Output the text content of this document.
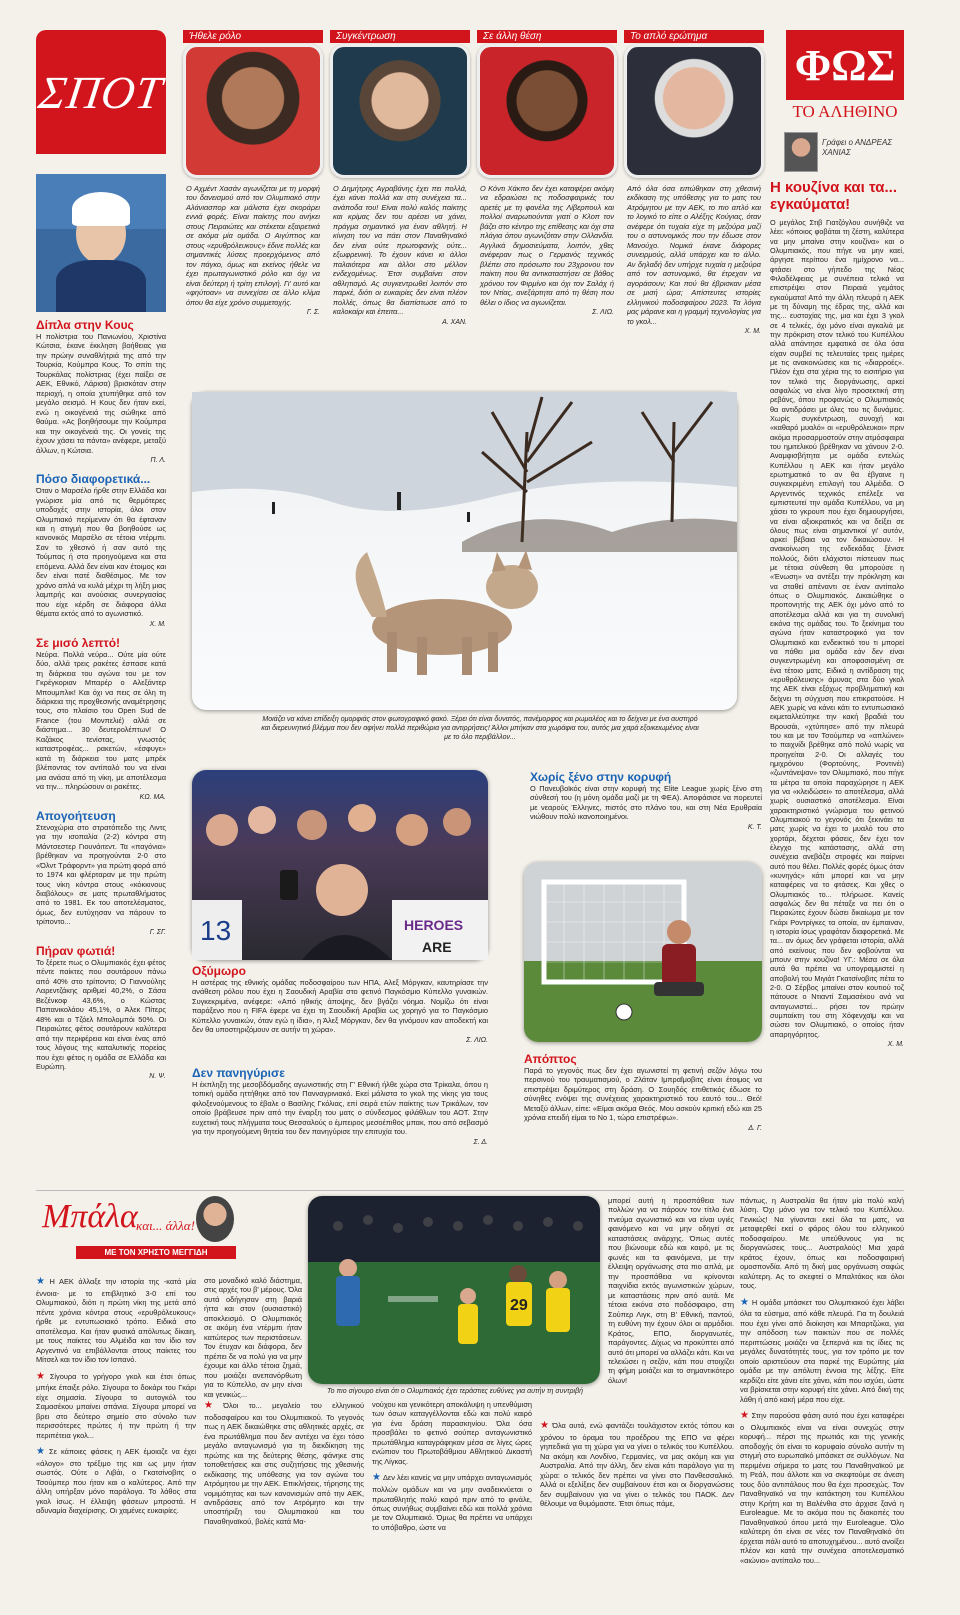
ΣΠΟΤ
Ήθελε ρόλο	Συγκέντρωση	Σε άλλη θέση	Το απλό ερώτημα
ΦΩΣ
ΤΟ ΑΛΗΘΙΝΟ
Γράφει ο ΑΝΔΡΕΑΣ ΧΑΝΙΑΣ
Ο Αχμέντ Χασάν αγωνίζεται με τη μορφή του δανεισμού από τον Ολυμπιακό στην Αλάνιασπορ και μάλιστα έχει σκοράρει εννιά φορές. Είναι παίκτης που ανήκει στους Πειραιώτες και στέκεται εξαιρετικά σε ακόμα μία ομάδα. Ο Αιγύπτιος και στους «ερυθρόλευκους» έδινε πολλές και σημαντικές λύσεις προερχόμενος από τον πάγκο, όμως και εκείνος ήθελε να έχει πρωταγωνιστικό ρόλο και όχι να είναι δεύτερη ή τρίτη επιλογή. Γι' αυτό και «φηύτοαν» να συνεχίσει σε άλλο κλίμα όπου θα είχε χρόνο συμμετοχής.
Γ. Σ.
Ο Δημήτρης Αγραβάνης έχει πει πολλά, έχει κάνει πολλά και στη συνέχεια τα... ανάποδα του! Είναι πολύ καλός παίκτης και κρίμας δεν του αρέσει να χάνει, πράγμα σημαντικό για έναν αθλητή. Η κίνηση του να πάει στον Παναθηναϊκό δεν είναι ούτε πρωτοφανής ούτε... εξωφρενική. Το έχουν κάνει κι άλλοι παλαιότερα και άλλοι στο μέλλον ενδεχομένως. Έτσι συμβαίνει στον αθλητισμό. Ας συγκεντρωθεί λοιπόν στο παρκέ, διότι οι ευκαιρίες δεν είναι πλέον πολλές, όπως θα διαπίστωσε από το καλοκαίρι και έπειτα...
Α. ΧΑΝ.
Ο Κόντι Χάκπο δεν έχει καταφέρει ακόμη να εδραιώσει τις ποδοσφαιρικές του αρετές με τη φανέλα της Λίβερπουλ και πολλοί αναρωτιούνται γιατί ο Κλοπ τον βάζει στο κέντρο της επίθεσης και όχι στα πλάγια όπου αγωνιζόταν στην Ολλανδία. Αγγλικά δημοσιεύματα, λοιπόν, χθες ανέφεραν πως ο Γερμανός τεχνικός βλέπει στο πρόσωπο του 23χρονου τον παίκτη που θα αντικαταστήσει σε βάθος χρόνου τον Φιρμίνο και όχι τον Σαλάχ ή τον Ντίας, ανεξάρτητα από τη θέση που θέλει ο ίδιος να αγωνίζεται.
Σ. ΛΙΩ.
Από όλα όσα ειπώθηκαν στη χθεσινή εκδίκαση της υπόθεσης για το ματς του Ατρόμητου με την ΑΕΚ, το πιο απλό και το λογικό το είπε ο Αλέξης Κούγιας, όταν ανέφερε ότι τυχαία είχε τη μεζούρα μαζί του ο αστυνομικός που την έδωσε στον Μανούχο. Νομικά έκανε διάφορες συνειρμούς, αλλά υπάρχει και το άλλο. Αν δηλαδή δεν υπήρχε τυχαία η μεζούρα από τον αστυνομικό, θα έτρεχαν να αγοράσουν; Και πού θα έβρισκαν μέσα σε μισή ώρα; Απίστευτες ιστορίες ελληνικού ποδοσφαίρου 2023. Τα λόγια μας μάρανε και η γραμμή τεχνολογίας για το γκολ...
Χ. Μ.
Δίπλα στην Κους
Η πολίστρια του Πανιωνίου, Χριστίνα Κώτσια, έκανε έκκληση βοήθειας για την πρώην συναθλήτριά της από την Τουρκία, Κούμπρα Κους. Το σπίτι της Τουρκάλας πολίστριας (έχει παίξει σε ΑΕΚ, Εθνικό, Λάρισα) βρισκόταν στην περιοχή, η οποία χτυπήθηκε από τον μεγάλο σεισμό. Η Κους δεν ήταν εκεί, ενώ η οικογένειά της σώθηκε από θαύμα. «Ας βοηθήσουμε την Κούμπρα και την οικογένειά της. Οι γονείς της έχουν χάσει τα πάντα» ανέφερε, μεταξύ άλλων, η Κώτσια.
Π. Λ.
Πόσο διαφορετικά...
Όταν ο Μαρσέλο ήρθε στην Ελλάδα και γνώρισε μία από τις θερμότερες υποδοχές στην ιστορία, όλοι στον Ολυμπιακό περίμεναν ότι θα έφταναν και η στιγμή που θα βοηθούσε ως κανονικός Μαρσέλο σε τέτοια ντέρμπι. Σαν το χθεσινό ή σαν αυτό της Τούμπας ή στα προηγούμενα και στα επόμενα. Αλλά δεν είναι καν έτοιμος και δεν είναι πατέ διαθέσιμος. Με τον χρόνο απλά να κυλά μέχρι τη λήξη μιας λαμπρής και ανούσιας συνεργασίας που είχε κέρδη σε διάφορα άλλα θέματα εκτός από το αγωνιστικό.
Χ. Μ.
Σε μισό λεπτό!
Νεύρα. Πολλά νεύρα... Ούτε μία ούτε δύο, αλλά τρεις ρακέτες έσπασε κατά τη διάρκεια του αγώνα του με τον Γκρέγκοριαν Μπαρέρ ο Αλεξάντερ Μπουμπλικ! Και όχι να πεις σε όλη τη διάρκεια της προχθεσινής αναμέτρησης τους, στο πλαίσιο του Open Sud de France (του Μονπελιέ) αλλά σε διάστημα... 30 δευτερολέπτων! Ο Καζάκος τενίστας, γνωστός καταστροφέας... ρακετών, «έσφυγε» κατά τη διάρκεια του ματς μπρέκ βλέποντας τον αντίπαλό του να είναι μια ανάσα από τη νίκη, με αποτέλεσμα να την... πληρώσουν οι ρακέτες.
ΚΩ. ΜΑ.
Απογοήτευση
Στενοχώρια στο στρατόπεδο της Λιντς για την ισοπαλία (2-2) κόντρα στη Μάντσεστερ Γιουνάιτεντ. Τα «παγόνια» βρέθηκαν να προηγούνται 2-0 στο «Όλντ Τράφορντ» για πρώτη φορά από το 1974 και φλέρταραν με την πρώτη τους νίκη κόντρα στους «κόκκινους διαβόλους» σε ματς πρωταθλήματος από το 1981. Εκ του αποτελέσματος, όμως, δεν ευτύχησαν να πάρουν το τρίποντο...
Γ. ΣΓ.
Πήραν φωτιά!
Το ξέρετε πως ο Ολυμπιακός έχει φέτος πέντε παίκτες που σουτάρουν πάνω από 40% στο τρίποντο; Ο Γιαννούλης Λαρεντζάκης αριθμεί 40,2%, ο Σάσα Βεζένκοφ 43,6%, ο Κώστας Παπανικολάου 45,1%, ο Άλεκ Πίτερς 48% και ο Τζόελ Μπολομπόι 50%. Οι Πειραιώτες φέτος σουτάρουν καλύτερα από την περιφέρεια και είναι ένας από τους λόγους της καταλυτικής πορείας που έχει φέτος η ομάδα σε Ελλάδα και Ευρώπη.
Ν. Ψ.
Η κουζίνα και τα... εγκαύματα!
Ο μεγάλος Στιβ Γιατζόγλου συνήθιζε να λέει: «όποιος φοβάται τη ζέστη, καλύτερα να μην μπαίνει στην κουζίνα» και ο Ολυμπιακός, που πήγε να μην καεί, άργησε περίπου ένα ημίχρονο να... φτάσει στο γήπεδο της Νέας Φιλαδέλφειας με συνέπεια τελικά να επιστρέψει στον Πειραιά γεμάτος εγκαύματα! Από την άλλη πλευρά η ΑΕΚ με τη δύναμη της έδρας της, αλλά και της... ευστοχίας της, μια και έχει 3 γκολ σε 4 τελικές, όχι μόνο είναι αγκαλιά με την πρόκριση στον τελικό του Κυπέλλου αλλά απάντησε εμφατικά σε όλα όσα είχαν συμβεί τις τελευταίες τρεις ημέρες με τις ανακοινώσεις και τις «διαρροές». Πλέον έχει στα χέρια της το εισιτήριο για τον τελικό της διοργάνωσης, αρκεί ασφαλώς να είναι λίγο προσεκτική στη ρεβάνς, όπου προφανώς ο Ολυμπιακός θα αντιδράσει με όλες του τις δυνάμεις. Χωρίς συγκέντρωση, συνοχή και «καθαρό μυαλό» οι «ερυθρόλευκοι» πριν ακόμα προσαρμοστούν στην ατμόσφαιρα του ημιτελικού βρέθηκαν να χάνουν 2-0. Αναμφισβήτητα με ομάδα εντελώς Κυπέλλου η ΑΕΚ και ήταν μεγάλο ερωτηματικό το αν θα έβγαινε η συγκεκριμένη επιλογή του Αλμέιδα. Ο Αργεντινός τεχνικός επέλεξε να εμπιστευτεί την ομάδα Κυπέλλου, να μη χάσει το γκρουπ που έχει δημιουργήσει, να είναι αξιοκρατικός και να δείξει σε όλους πως είναι σημαντικοί γι' αυτόν, αρκεί βέβαια να τον δικαιώσουν. Η ανακοίνωση της ενδεκάδας ξένισε πολλούς, διότι ελάχιστοι πίστευαν πως με τέτοια σύνθεση θα μπορούσε η «Ένωση» να αντέξει την πρόκληση και να σταθεί απέναντι σε έναν αντίπαλο όπως ο Ολυμπιακός. Δικαιώθηκε ο προπονητής της ΑΕΚ όχι μόνο από το αποτέλεσμα αλλά και για τη συνολική εικόνα της ομάδας του. Το ξεκίνημα του αγώνα ήταν καταστροφικό για τον Ολυμπιακό και ενδεικτικό του τι μπορεί να πάθει μια ομάδα εάν δεν είναι συγκεντρωμένη και αποφασισμένη σε ένα τέτοιο ματς. Ειδικά η αντίδραση της «ερυθρόλευκης» άμυνας στα δύο γκολ της ΑΕΚ είναι εξόχως προβληματική και δείχνει τη σύγχυση που επικρατούσε. Η ΑΕΚ χωρίς να κάνει κάτι το εντυπωσιακό εκμεταλλεύτηκε την κακή βραδιά του Βρουσάι, «χτύπησε» από την πλευρά του και με τον Τσούμπερ να «απλώνει» το παιχνίδι βρέθηκε από πολύ νωρίς να προηγείται 2-0. Οι αλλαγές του ημιχρόνου (Φορτούνης, Ροντινέι) «ζωντάνεψαν» τον Ολυμπιακό, που πήγε τα μέτρα τα οποία παραχώρησε η ΑΕΚ για να «κλειδώσει» το αποτέλεσμα, αλλά χωρίς ουσιαστικό αποτέλεσμα. Είναι χαρακτηριστικό γνώρισμα του φετινού Ολυμπιακού το γεγονός ότι ξεκινάει τα ματς χωρίς να έχει το μυαλό του στο χορτάρι, δέχεται φάσεις, δεν έχει τον έλεγχο της κατάστασης, αλλά στη συνέχεια ανεβάζει στροφές και παίρνει αυτό που θέλει. Πολλές φορές όμως όταν «κυνηγάς» κάτι μπορεί και να μην καταφέρεις να το φτάσεις. Και χθες ο Ολυμπιακός το... πλήρωσε. Κανείς ασφαλώς δεν θα πέταξε να πει ότι ο Πειραιώτες έχουν δώσει δικαίωμα με τον Γκάρι Ροντρίγκες τα οποία, αν έμπαιναν, η ιστορία ίσως γραφόταν διαφορετικά. Με τα... αν όμως δεν γράφεται ιστορία, αλλά από εκείνους που δεν φοβούνται να μπουν στην κουζίνα! ΥΓ.: Μέσα σε όλα αυτά θα πρέπει να υπογραμμιστεί η αποβολή του Μιγιάτ Γκατσίνοβιτς πέτα το 2-0. Ο Σέρβος μπαίνει στον κουτιού τοζ πάτουσε ο Ντιαντί Σαμασέκου ανά να ανταγωνιστεί... ρήσει τον πρώην συμπαίκτη του στη Χόφενχαϊμ και να σώσει τον Ολυμπιακό, ο οποίος ήταν απαρηγόρητος.
Χ. Μ.
Μοιάζει να κάνει επίδειξη ομορφιάς στον φωτογραφικό φακό. Ξέρει ότι είναι δυνατός, πανέμορφος και ρωμαλέος και το δείχνει με ένα αυστηρό και διερευνητικό βλέμμα που δεν αφήνει πολλά περιθώρια για αντιρρήσεις! Άλλοι μπήκαν στα χωράφια του, αυτός μια χαρά εξοικειωμένος είναι με το όλο περιβάλλον...
13	HEROES
ARE
Χωρίς ξένο στην κορυφή
Ο Πανευβοϊκός είναι στην κορυφή της Elite League χωρίς ξένο στη σύνθεσή του (η μόνη ομάδα μαζί με τη ΦΕΑ). Αποφάσισε να πορευτεί με νεαρούς Έλληνες, πιστός στο πλάνο του, και στη Νέα Ερυθραία νιώθουν πολύ ικανοποιημένοι.
Κ. Τ.
Οξύμωρο
Η αστέρας της εθνικής ομάδας ποδοσφαίρου των ΗΠΑ, Αλεξ Μόργκαν, καυτηρίασε την ανάθεση ρόλου που έχει η Σαουδική Αραβία στο φετινό Παγκόσμιο Κύπελλο γυναικών. Συγκεκριμένα, ανέφερε: «Από ηθικής άποψης, δεν βγάζει νόημα. Νομίζω ότι είναι παράξενο που η FIFA έφερε να έχει τη Σαουδική Αραβία ως χορηγό για το Παγκόσμιο Κύπελλο γυναικών, όταν εγώ η ίδια», η Άλεξ Μόργκαν, δεν θα γινόμουν καν αποδεκτή και δεν θα υποστηριζόμουν σε αυτήν τη χώρα».
Σ. ΛΙΩ.
Δεν πανηγύρισε
Η έκπληξη της μεσοβδόμαδης αγωνιστικής στη Γ' Εθνική ήλθε χώρα στα Τρίκαλα, όπου η τοπική ομάδα ηττήθηκε από τον Πανναγρινιακό. Εκεί μάλιστα το γκολ της νίκης για τους φιλοξενούμενους το έβαλε ο Βασίλης Γκόλιας, επί σειρά ετών παίκτης των Τρικάλων, τον οποίο βράβευσε πριν από την έναρξη του ματς ο σύνδεσμος φιλάθλων του ΑΟΤ. Στην ευχετική τους πλήγματα τους Θεσσαλούς ο έμπειρος μεσοέπιθος μπακ, που από σεβασμό για την προηγούμενη θητεία του δεν πανηγύρισε την επιτυχία του.
Σ. Δ.
Απόπτος
Παρά το γεγονός πως δεν έχει αγωνιστεί τη φετινή σεζόν λόγω του περσινού του τραυματισμού, ο Ζλάταν Ιμπραΐμοβιτς είναι έτοιμος να επιστρέψει δριμύτερος στη δράση. Ο Σουηδός επιθετικός έδωσε το σύνηθες ενόψει της συνέχειας χαρακτηριστικό του εαυτό του... Θεό! Μεταξύ άλλων, είπε: «Είμαι ακόμα Θεός. Μου ασκούν κριτική εδώ και 25 χρόνια επειδή είμαι το Νο 1, τώρα επιστρέφω».
Δ. Γ.
Μπάλα
και... άλλα!
ΜΕ ΤΟΝ ΧΡΗΣΤΟ ΜΕΓΓΙΔΗ
29
Το πιο σίγουρο είναι ότι ο Ολυμπιακός έχει τεράστιες ευθύνες για αυτήν τη συντριβή

★ Η ΑΕΚ άλλαξε την ιστορία της -κατά μία έννοια- με το επιβλητικό 3-0 επί του Ολυμπιακού, διότι η πρώτη νίκη της μετά από πέντε χρόνια κόντρα στους «ερυθρόλευκους» ήρθε με εντυπωσιακό τρόπο. Ειδικά στο αποτέλεσμα. Και ήταν φυσικά απόλυτως δίκαιη, με τους παίκτες του Αλμέιδα και τον ίδιο τον Αργεντινό να επιβάλλονται στους παίκτες του Μίτσελ και τον ίδιο τον Ισπανό.

★ Σίγουρα το γρήγορο γκολ και έτσι όπως μπήκε έπαιξε ρόλο. Σίγουρα το δοκάρι του Γκάρι είχε σημασία. Σίγουρα το αυτογκόλ του Σαμασέκου μπαίνει σπάνια. Σίγουρα μπορεί να βρει στο δεύτερο σημείο στο σύνολο των περισσότερες πρώτες ή την πρώτη ή την περιπέτεια γκολ...

★ Σε κάποιες φάσεις η ΑΕΚ έμοιαζε να έχει «άλογο» στο τρέξιμο της και ως μην ήταν σωστός. Ούτε ο Λιβάι, ο Γκατσίνοβιτς ο Τσούμπερ που ήταν και ο καλύτερος. Από την άλλη υπήρξαν μόνο παράλογα. Το λάθος στα γκολ ίσως. Η έλλειψη φάσεων μπροστά. Η αδυναμία διαχείρισης. Οι χαμένες ευκαιρίες.

στο μοναδικό καλό διάστημα, στις αρχές του β' μέρους. Όλα αυτά οδήγησαν στη βαριά ήττα και στον (ουσιαστικό) αποκλεισμό. Ο Ολυμπιακός σε ακόμη ένα ντέρμπι ήταν κατώτερος των περιστάσεων. Τον έτυχαν και διάφορα, δεν πρέπει δε να πολύ για να μην έχουμε και άλλο τέτοια ζημιά, που μοιάζει ανεπανόρθωτη για το Κύπελλο, αν μην είναι και γενικώς...

★ Όλοι το... μεγαλείο του ελληνικού ποδοσφαίρου και του Ολυμπιακού. Το γεγονός πως η ΑΕΚ δικαιώθηκε στις αθλητικές αρχές, σε ένα πρωτάθλημα που δεν αντέχει να έχει τόσο μεγάλο ανταγωνισμό για τη διεκδίκηση της πρώτης και της δεύτερης θέσης, φάνηκε στις τοποθετήσεις και στις συζητήσεις της χθεσινής εκδίκασης της υπόθεσης για τον αγώνα του Ατρόμητου με την ΑΕΚ. Επικλήσεις, τήρησης της νομιμότητας και των κανονισμών από την ΑΕΚ, αντιδράσεις από τον Ατρόμητο και την υποστήριξη του Ολυμπιακού και του Παναθηναϊκού, βολές κατά Μα-

νούχου και γενικότερη αποκάλυψη η υπενθύμιση των όσων καταγγέλλονται εδώ και πολύ καιρό για ένα δράση παρασκηνίου. Όλα όσα προσβάλει το φετινό σούπερ ανταγωνιστικό πρωτάθλημα καταγράφηκαν μέσα σε λίγες ώρες ενώπιον του Πρωτοβάθμιου Αθλητικού Δικαστή της Λίγκας.

★ Δεν λέει κανείς να μην υπάρχει ανταγωνισμός πολλών ομάδων και να μην αναδεικνύεται ο πρωταθλητής πολύ καιρό πριν από το φινάλε, όπως συνήθως συμβαίνει εδώ και πολλά χρόνια με τον Ολυμπιακό. Όμως θα πρέπει να υπάρχει το υπόβαθρο, ώστε να

μπορεί αυτή η προσπάθεια των πολλών για να πάρουν τον τίτλο ένα πνεύμα αγωνιστικό και να είναι υγιές φαινόμενο και να μην οδηγεί σε καταστάσεις ανάρχης. Όπως αυτές που βιώνουμε εδώ και καιρό, με τις φωνές και τα φαινόμενα, με την έλλειψη οργάνωσης στα πιο απλά, με την προσπάθεια να κρίνονται παιχνίδια εκτός αγωνιστικών χώρων, με καταστάσεις πριν από αυτά. Με τέτοια εικόνα στο ποδόσφαιρο, στη Σούπερ Λιγκ, στη Β' Εθνική, παντού, τη ευθύνη την έχουν όλοι οι αρμόδιοι. Κράτος, ΕΠΟ, διοργανωτές, παράγοντες. Δίχως να προκύπτει από αυτό ότι μπορεί να αλλάζει κάτι. Και να τελειώσει η σεζόν, κάτι που στοιχίζει τη φήμη μοιάζει και το σημαντικότερο όλων!

★ Όλα αυτά, ενώ φαντάζει τουλάχιστον εκτός τόπου και χρόνου το όραμα του προέδρου της ΕΠΟ να φέρει γηπεδικά για τη χώρα για να γίνει ο τελικός του Κυπέλλου. Να ακόμη και Λονδίνο, Γερμανίες, να μας ακόμη και για Αυστραλία. Από την άλλη, δεν είναι κάτι παράλογο για τη χώρα: ο τελικός δεν πρέπει να γίνει στο Πανθεσσαλικό. Αλλά οι εξελίξεις δεν συμβαίνουν έτσι και οι διοργανώσεις δεν συμβαίνουν για να γίνει ο τελικός του ΠΑΟΚ. Δεν θέλουμε να θυμόμαστε. Έτσι όπως πάμε,

πάντως, η Αυστραλία θα ήταν μία πολύ καλή λύση. Όχι μόνο για τον τελικό του Κυπέλλου. Γενικώς! Να γίνονται εκεί όλα τα ματς, να μεταφερθεί εκεί ο φάρος όλου του ελληνικού ποδοσφαίρου. Με υπεύθυνους για τις διοργανώσεις τους... Αυστραλούς! Μια χαρά κράτος έχουν, όπως και ποδοσφαιρική ομοσπονδία. Από τη δική μας οργάνωση σαφώς καλύτερη. Ας το σκεφτεί ο Μπαλτάκος και όλοι τους.

★ Η ομάδα μπάσκετ του Ολυμπιακού έχει λάβει όλα τα εύσημα, από κάθε πλευρά. Για τη δουλειά που έχει γίνει από διοίκηση και Μπαρτζώκα, για την απόδοση των παικτών που σε πολλές περιπτώσεις μοιάζει να ξεπερνά και τις ίδιες τις μεγάλες δυνατότητές τους, για τον τρόπο με τον οποίο αριστεύουν στα παρκέ της Ευρώπης μία ομάδα με την απόλυτη έννοια της λέξης. Είτε κερδίζει είτε χάνει είτε χάνει, κάτι που ισχύει, ώστε να βρίσκεται στην κορυφή είτε χάνει. Από δική της λάθη ή από κακή μέρα που είχε.

★ Στην παρούσα φάση αυτό που έχει καταφέρει ο Ολυμπιακός είναι να είναι συνεχώς στην κορυφή... πέρσι της πρωτιάς και της γενικής αποδοχής ότι είναι το κορυφαίο σύνολο αυτήν τη στιγμή στο ευρωπαϊκό μπάσκετ σε συλλόγων. Να περιμένει σήμερα το ματς του Παναθηναϊκού με τη Ρεάλ, που άλλοτε και να σκεφτούμε σε άνεση τους δύο αντιπάλους που θα έχει προσεχώς. Τον Παναθηναϊκό να την κατάκτηση του Κυπέλλου στην Κρήτη και τη Βαλένθια στο άρχισε ξανά η Euroleague. Με το ακόμα που τις διακοπές του Παναθηναϊκού όπου μετά την Euroleague. Όλο καλύτερη ότι είναι σε νέες τον Παναθηναϊκό ότι έρχεται πάλι αυτό το αποτυχημένου... αυτό ανοίξει πλέον και κατά την συνέχεια αποτελεσματικό «αιώνιο» αντίπαλο του...
